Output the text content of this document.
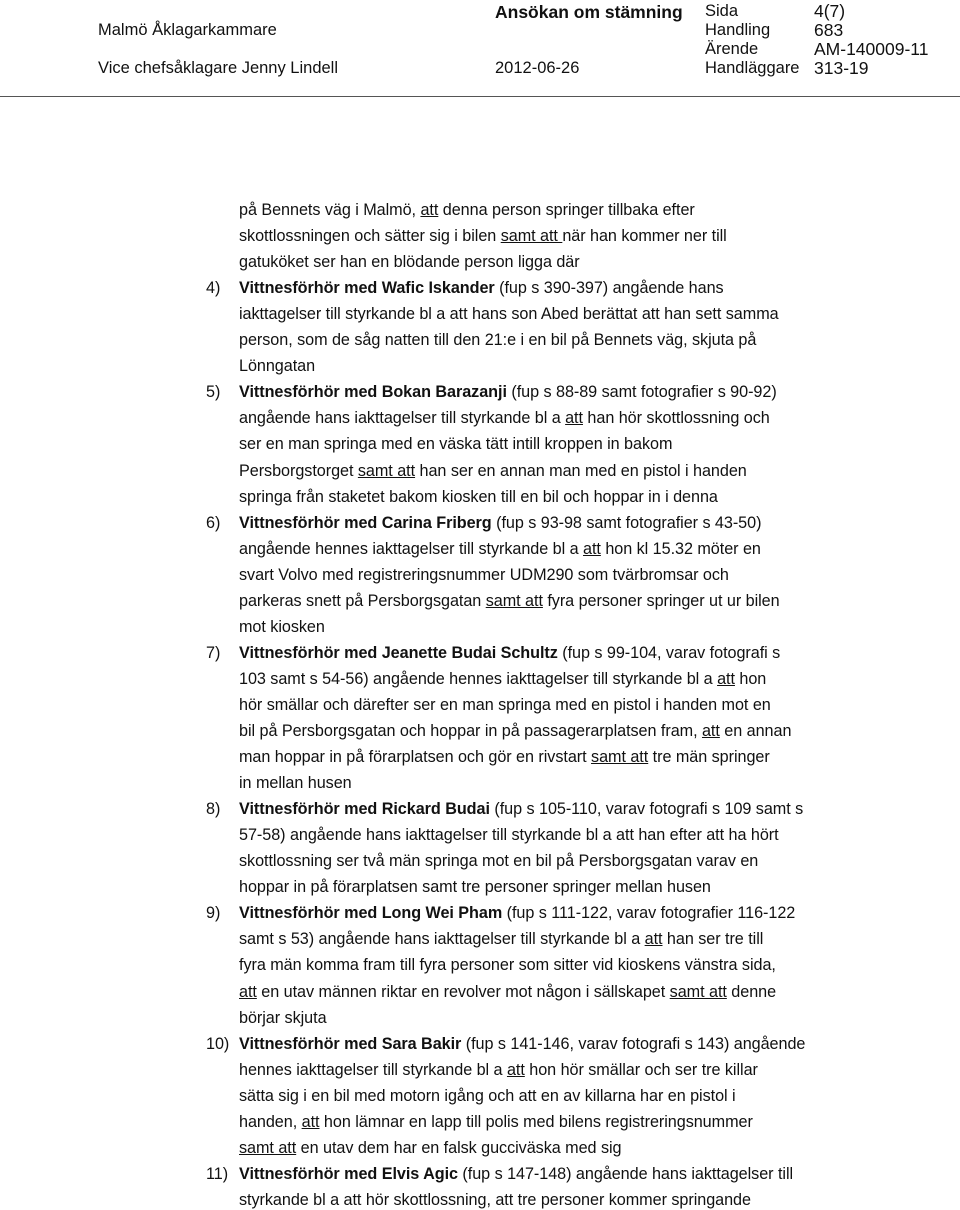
Malmö Åklagarkammare
Ansökan om stämning
Vice chefsåklagare Jenny Lindell	2012-06-26
Sida	4(7)
Handling	683
Ärende	AM-140009-11
Handläggare 313-19
på Bennets väg i Malmö, att denna person springer tillbaka efter
skottlossningen och sätter sig i bilen samt att när han kommer ner till
gatuköket ser han en blödande person ligga där
4) Vittnesförhör med Wafic Iskander (fup s 390-397) angående hans
iakttagelser till styrkande bl a att hans son Abed berättat att han sett samma
person, som de såg natten till den 21:e i en bil på Bennets väg, skjuta på
Lönngatan
5) Vittnesförhör med Bokan Barazanji (fup s 88-89 samt fotografier s 90-92)
angående hans iakttagelser till styrkande bl a att han hör skottlossning och
ser en man springa med en väska tätt intill kroppen in bakom
Persborgstorget samt att han ser en annan man med en pistol i handen
springa från staketet bakom kiosken till en bil och hoppar in i denna
6) Vittnesförhör med Carina Friberg (fup s 93-98 samt fotografier s 43-50)
angående hennes iakttagelser till styrkande bl a att hon kl 15.32 möter en
svart Volvo med registreringsnummer UDM290 som tvärbromsar och
parkeras snett på Persborgsgatan samt att fyra personer springer ut ur bilen
mot kiosken
7) Vittnesförhör med Jeanette Budai Schultz (fup s 99-104, varav fotografi s
103 samt s 54-56) angående hennes iakttagelser till styrkande bl a att hon
hör smällar och därefter ser en man springa med en pistol i handen mot en
bil på Persborgsgatan och hoppar in på passagerarplatsen fram, att en annan
man hoppar in på förarplatsen och gör en rivstart samt att tre män springer
in mellan husen
8) Vittnesförhör med Rickard Budai (fup s 105-110, varav fotografi s 109 samt s
57-58) angående hans iakttagelser till styrkande bl a att han efter att ha hört
skottlossning ser två män springa mot en bil på Persborgsgatan varav en
hoppar in på förarplatsen samt tre personer springer mellan husen
9) Vittnesförhör med Long Wei Pham (fup s 111-122, varav fotografier 116-122
samt s 53) angående hans iakttagelser till styrkande bl a att han ser tre till
fyra män komma fram till fyra personer som sitter vid kioskens vänstra sida,
att en utav männen riktar en revolver mot någon i sällskapet samt att denne
börjar skjuta
10) Vittnesförhör med Sara Bakir (fup s 141-146, varav fotografi s 143) angående
hennes iakttagelser till styrkande bl a att hon hör smällar och ser tre killar
sätta sig i en bil med motorn igång och att en av killarna har en pistol i
handen, att hon lämnar en lapp till polis med bilens registreringsnummer
samt att en utav dem har en falsk gucciväska med sig
11) Vittnesförhör med Elvis Agic (fup s 147-148) angående hans iakttagelser till
styrkande bl a att hör skottlossning, att tre personer kommer springande
